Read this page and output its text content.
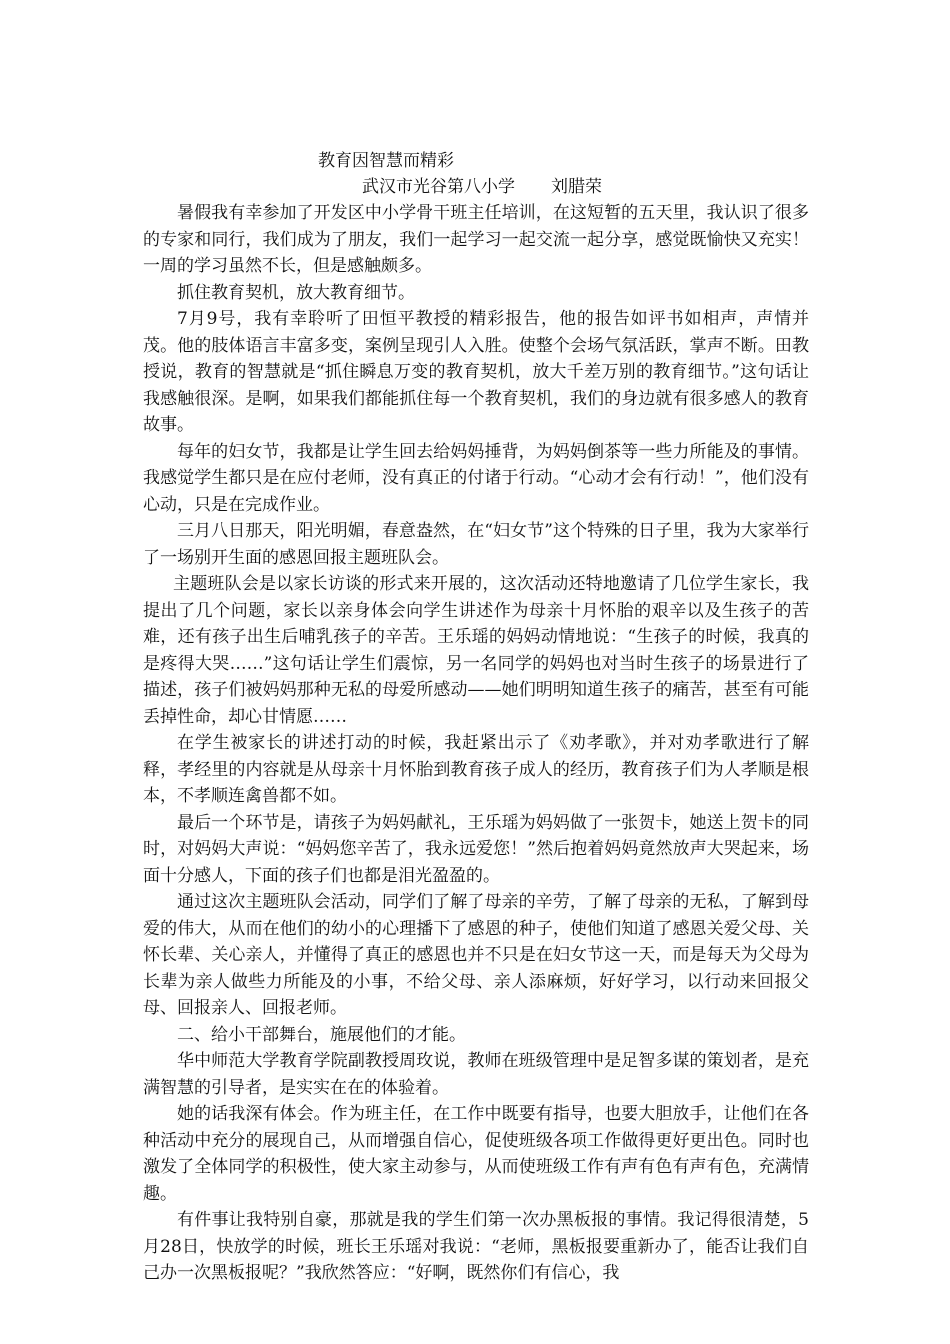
教育因智慧而精彩
武汉市光谷第八小学 刘腊荣

暑假我有幸参加了开发区中小学骨干班主任培训，在这短暂的五天里，我认识了很多的专家和同行，我们成为了朋友，我们一起学习一起交流一起分享，感觉既愉快又充实！一周的学习虽然不长，但是感触颇多。

抓住教育契机，放大教育细节。

7月9号，我有幸聆听了田恒平教授的精彩报告，他的报告如评书如相声，声情并茂。他的肢体语言丰富多变，案例呈现引人入胜。使整个会场气氛活跃，掌声不断。田教授说，教育的智慧就是“抓住瞬息万变的教育契机，放大千差万别的教育细节。”这句话让我感触很深。是啊，如果我们都能抓住每一个教育契机，我们的身边就有很多感人的教育故事。

每年的妇女节，我都是让学生回去给妈妈捶背，为妈妈倒茶等一些力所能及的事情。我感觉学生都只是在应付老师，没有真正的付诸于行动。“心动才会有行动！”，他们没有心动，只是在完成作业。

三月八日那天，阳光明媚，春意盎然，在“妇女节”这个特殊的日子里，我为大家举行了一场别开生面的感恩回报主题班队会。

主题班队会是以家长访谈的形式来开展的，这次活动还特地邀请了几位学生家长，我提出了几个问题，家长以亲身体会向学生讲述作为母亲十月怀胎的艰辛以及生孩子的苦难，还有孩子出生后哺乳孩子的辛苦。王乐瑶的妈妈动情地说：“生孩子的时候，我真的是疼得大哭……”这句话让学生们震惊，另一名同学的妈妈也对当时生孩子的场景进行了描述，孩子们被妈妈那种无私的母爱所感动——她们明明知道生孩子的痛苦，甚至有可能丢掉性命，却心甘情愿……

在学生被家长的讲述打动的时候，我赶紧出示了《劝孝歌》，并对劝孝歌进行了解释，孝经里的内容就是从母亲十月怀胎到教育孩子成人的经历，教育孩子们为人孝顺是根本，不孝顺连禽兽都不如。

最后一个环节是，请孩子为妈妈献礼，王乐瑶为妈妈做了一张贺卡，她送上贺卡的同时，对妈妈大声说：“妈妈您辛苦了，我永远爱您！”然后抱着妈妈竟然放声大哭起来，场面十分感人，下面的孩子们也都是泪光盈盈的。

通过这次主题班队会活动，同学们了解了母亲的辛劳，了解了母亲的无私，了解到母爱的伟大，从而在他们的幼小的心理播下了感恩的种子，使他们知道了感恩关爱父母、关怀长辈、关心亲人，并懂得了真正的感恩也并不只是在妇女节这一天，而是每天为父母为长辈为亲人做些力所能及的小事，不给父母、亲人添麻烦，好好学习，以行动来回报父母、回报亲人、回报老师。

二、给小干部舞台，施展他们的才能。

华中师范大学教育学院副教授周玫说，教师在班级管理中是足智多谋的策划者，是充满智慧的引导者，是实实在在的体验着。

她的话我深有体会。作为班主任，在工作中既要有指导，也要大胆放手，让他们在各种活动中充分的展现自己，从而增强自信心，促使班级各项工作做得更好更出色。同时也激发了全体同学的积极性，使大家主动参与，从而使班级工作有声有色有声有色，充满情趣。

有件事让我特别自豪，那就是我的学生们第一次办黑板报的事情。我记得很清楚，5月28日，快放学的时候，班长王乐瑶对我说：“老师，黑板报要重新办了，能否让我们自己办一次黑板报呢？”我欣然答应：“好啊，既然你们有信心，我
